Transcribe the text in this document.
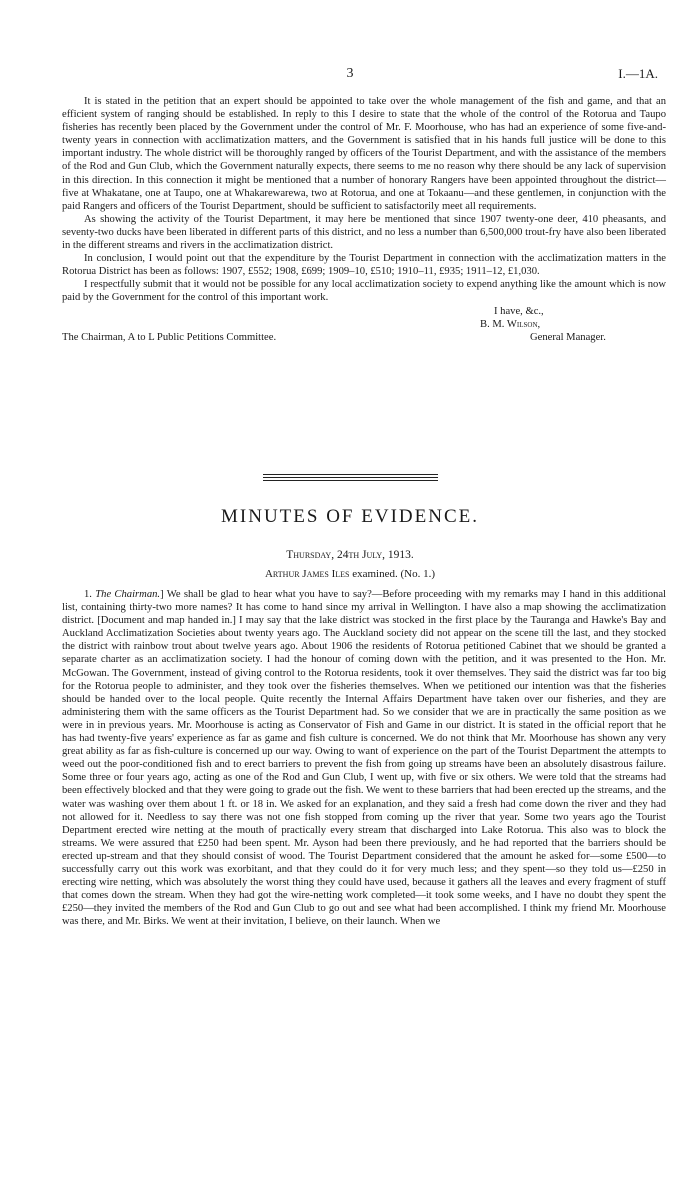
3	I.—1A.

It is stated in the petition that an expert should be appointed to take over the whole management of the fish and game, and that an efficient system of ranging should be established. In reply to this I desire to state that the whole of the control of the Rotorua and Taupo fisheries has recently been placed by the Government under the control of Mr. F. Moorhouse, who has had an experience of some five-and-twenty years in connection with acclimatization matters, and the Government is satisfied that in his hands full justice will be done to this important industry. The whole district will be thoroughly ranged by officers of the Tourist Department, and with the assistance of the members of the Rod and Gun Club, which the Government naturally expects, there seems to me no reason why there should be any lack of supervision in this direction. In this connection it might be mentioned that a number of honorary Rangers have been appointed throughout the district—five at Whakatane, one at Taupo, one at Whakarewarewa, two at Rotorua, and one at Tokaanu—and these gentlemen, in conjunction with the paid Rangers and officers of the Tourist Department, should be sufficient to satisfactorily meet all requirements.

As showing the activity of the Tourist Department, it may here be mentioned that since 1907 twenty-one deer, 410 pheasants, and seventy-two ducks have been liberated in different parts of this district, and no less a number than 6,500,000 trout-fry have also been liberated in the different streams and rivers in the acclimatization district.

In conclusion, I would point out that the expenditure by the Tourist Department in connection with the acclimatization matters in the Rotorua District has been as follows: 1907, £552; 1908, £699; 1909–10, £510; 1910–11, £935; 1911–12, £1,030.

I respectfully submit that it would not be possible for any local acclimatization society to expend anything like the amount which is now paid by the Government for the control of this important work.

I have, &c.,
B. M. Wilson,
The Chairman, A to L Public Petitions Committee.	General Manager.
MINUTES OF EVIDENCE.
Thursday, 24th July, 1913.
Arthur James Iles examined. (No. 1.)

1. The Chairman.] We shall be glad to hear what you have to say?—Before proceeding with my remarks may I hand in this additional list, containing thirty-two more names? It has come to hand since my arrival in Wellington. I have also a map showing the acclimatization district. [Document and map handed in.] I may say that the lake district was stocked in the first place by the Tauranga and Hawke's Bay and Auckland Acclimatization Societies about twenty years ago. The Auckland society did not appear on the scene till the last, and they stocked the district with rainbow trout about twelve years ago. About 1906 the residents of Rotorua petitioned Cabinet that we should be granted a separate charter as an acclimatization society. I had the honour of coming down with the petition, and it was presented to the Hon. Mr. McGowan. The Government, instead of giving control to the Rotorua residents, took it over themselves. They said the district was far too big for the Rotorua people to administer, and they took over the fisheries themselves. When we petitioned our intention was that the fisheries should be handed over to the local people. Quite recently the Internal Affairs Department have taken over our fisheries, and they are administering them with the same officers as the Tourist Department had. So we consider that we are in practically the same position as we were in in previous years. Mr. Moorhouse is acting as Conservator of Fish and Game in our district. It is stated in the official report that he has had twenty-five years' experience as far as game and fish culture is concerned. We do not think that Mr. Moorhouse has shown any very great ability as far as fish-culture is concerned up our way. Owing to want of experience on the part of the Tourist Department the attempts to weed out the poor-conditioned fish and to erect barriers to prevent the fish from going up streams have been an absolutely disastrous failure. Some three or four years ago, acting as one of the Rod and Gun Club, I went up, with five or six others. We were told that the streams had been effectively blocked and that they were going to grade out the fish. We went to these barriers that had been erected up the streams, and the water was washing over them about 1 ft. or 18 in. We asked for an explanation, and they said a fresh had come down the river and they had not allowed for it. Needless to say there was not one fish stopped from coming up the river that year. Some two years ago the Tourist Department erected wire netting at the mouth of practically every stream that discharged into Lake Rotorua. This also was to block the streams. We were assured that £250 had been spent. Mr. Ayson had been there previously, and he had reported that the barriers should be erected up-stream and that they should consist of wood. The Tourist Department considered that the amount he asked for—some £500—to successfully carry out this work was exorbitant, and that they could do it for very much less; and they spent—so they told us—£250 in erecting wire netting, which was absolutely the worst thing they could have used, because it gathers all the leaves and every fragment of stuff that comes down the stream. When they had got the wire-netting work completed—it took some weeks, and I have no doubt they spent the £250—they invited the members of the Rod and Gun Club to go out and see what had been accomplished. I think my friend Mr. Moorhouse was there, and Mr. Birks. We went at their invitation, I believe, on their launch. When we
